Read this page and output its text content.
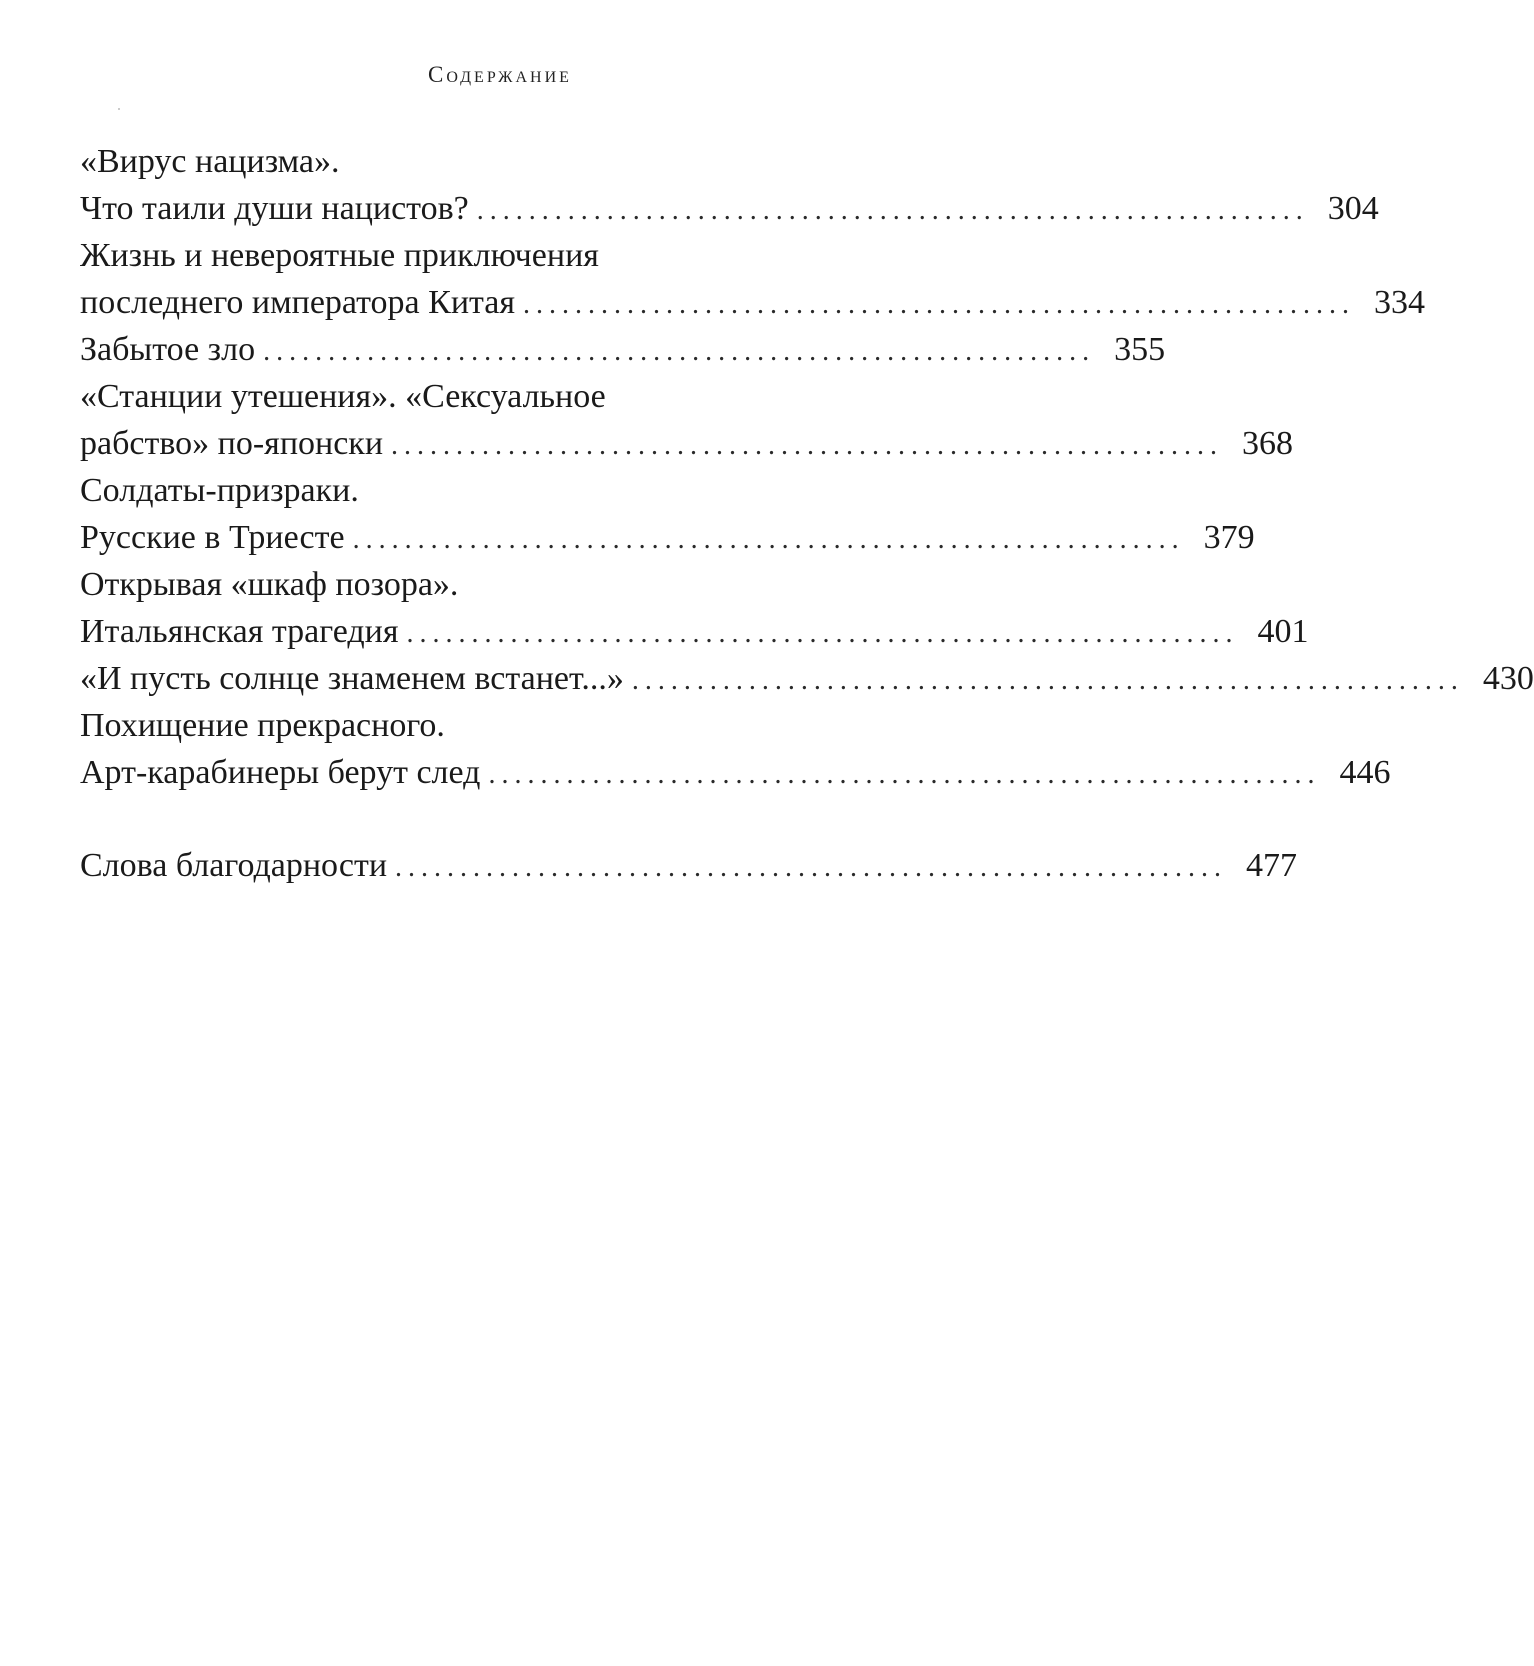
Содержание
«Вирус нацизма».
Что таили души нацистов? ................................................................ 304
Жизнь и невероятные приключения
последнего императора Китая ................................................................ 334
Забытое зло ................................................................ 355
«Станции утешения». «Сексуальное
рабство» по-японски ................................................................ 368
Солдаты-призраки.
Русские в Триесте ................................................................ 379
Открывая «шкаф позора».
Итальянская трагедия ................................................................ 401
«И пусть солнце знаменем встанет...» ................................................................ 430
Похищение прекрасного.
Арт-карабинеры берут след ................................................................ 446
Слова благодарности ................................................................ 477
